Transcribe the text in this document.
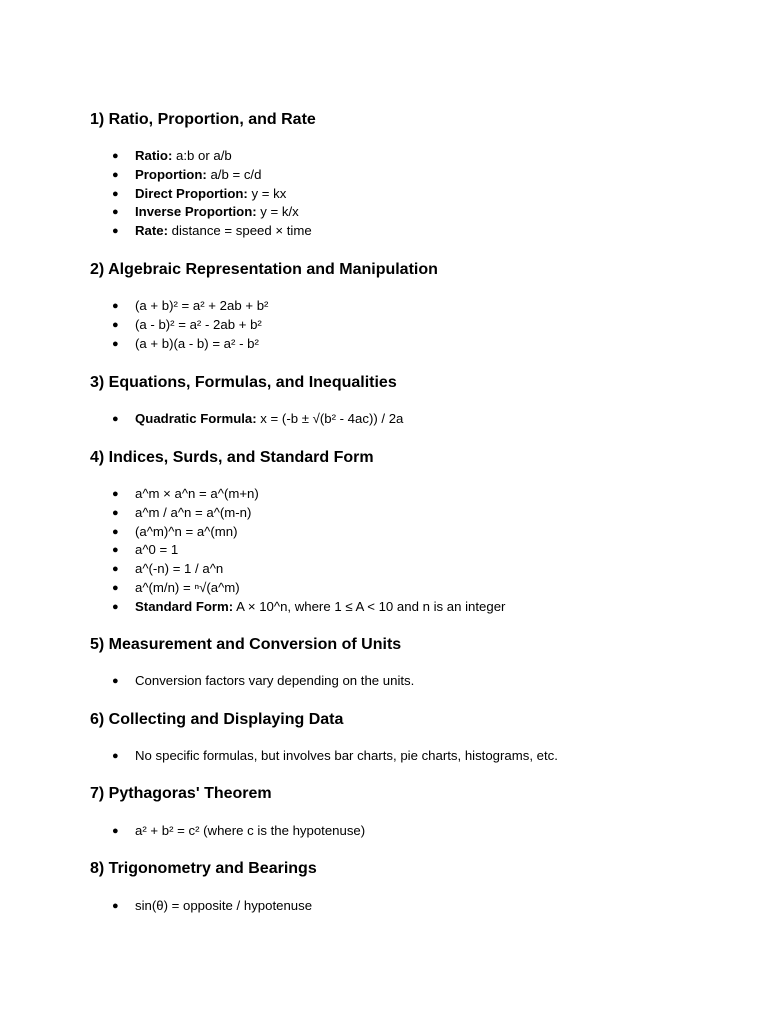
1) Ratio, Proportion, and Rate
● Ratio: a:b or a/b
● Proportion: a/b = c/d
● Direct Proportion: y = kx
● Inverse Proportion: y = k/x
● Rate: distance = speed × time
2) Algebraic Representation and Manipulation
● (a + b)² = a² + 2ab + b²
● (a - b)² = a² - 2ab + b²
● (a + b)(a - b) = a² - b²
3) Equations, Formulas, and Inequalities
● Quadratic Formula: x = (-b ± √(b² - 4ac)) / 2a
4) Indices, Surds, and Standard Form
● a^m × a^n = a^(m+n)
● a^m / a^n = a^(m-n)
● (a^m)^n = a^(mn)
● a^0 = 1
● a^(-n) = 1 / a^n
● a^(m/n) = ⁿ√(a^m)
● Standard Form: A × 10^n, where 1 ≤ A < 10 and n is an integer
5) Measurement and Conversion of Units
● Conversion factors vary depending on the units.
6) Collecting and Displaying Data
● No specific formulas, but involves bar charts, pie charts, histograms, etc.
7) Pythagoras' Theorem
● a² + b² = c² (where c is the hypotenuse)
8) Trigonometry and Bearings
● sin(θ) = opposite / hypotenuse
